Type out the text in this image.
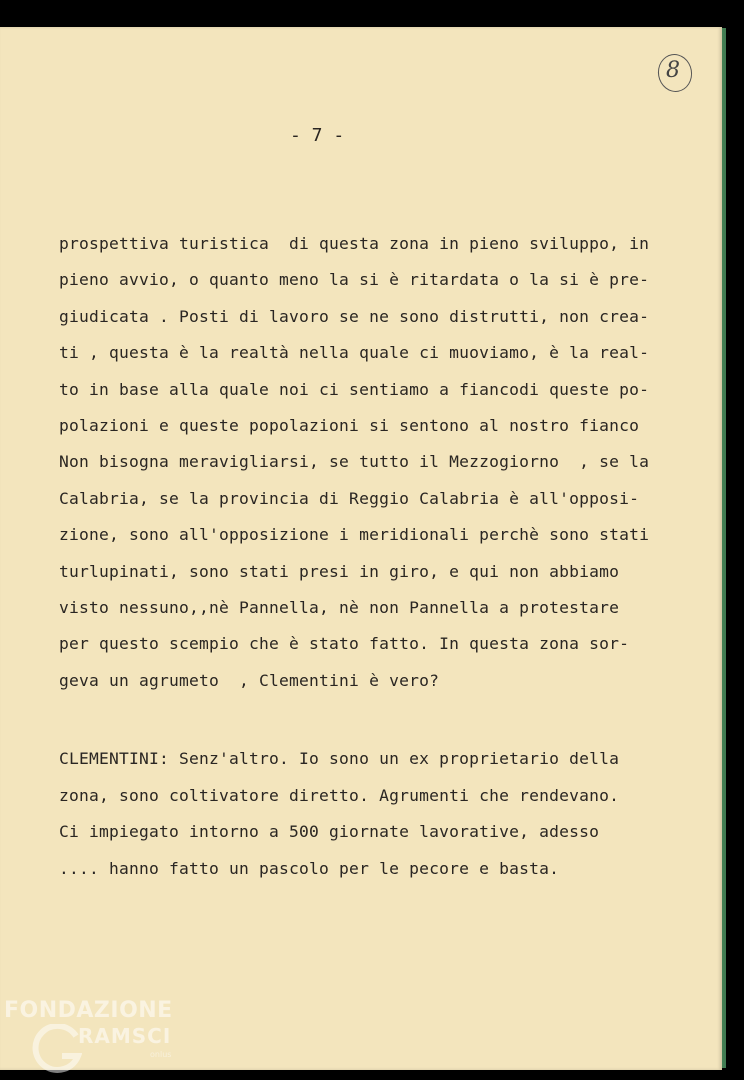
8
- 7 -
prospettiva turistica  di questa zona in pieno sviluppo, in
pieno avvio, o quanto meno la si è ritardata o la si è pre-
giudicata . Posti di lavoro se ne sono distrutti, non crea-
ti , questa è la realtà nella quale ci muoviamo, è la real-
to in base alla quale noi ci sentiamo a fiancodi queste po-
polazioni e queste popolazioni si sentono al nostro fianco
Non bisogna meravigliarsi, se tutto il Mezzogiorno  , se la
Calabria, se la provincia di Reggio Calabria è all'opposi-
zione, sono all'opposizione i meridionali perchè sono stati
turlupinati, sono stati presi in giro, e qui non abbiamo
visto nessuno,,nè Pannella, nè non Pannella a protestare
per questo scempio che è stato fatto. In questa zona sor-
geva un agrumeto  , Clementini è vero?
CLEMENTINI: Senz'altro. Io sono un ex proprietario della
zona, sono coltivatore diretto. Agrumenti che rendevano.
Ci impiegato intorno a 500 giornate lavorative, adesso
.... hanno fatto un pascolo per le pecore e basta.
FONDAZIONE
RAMSCI
onlus
